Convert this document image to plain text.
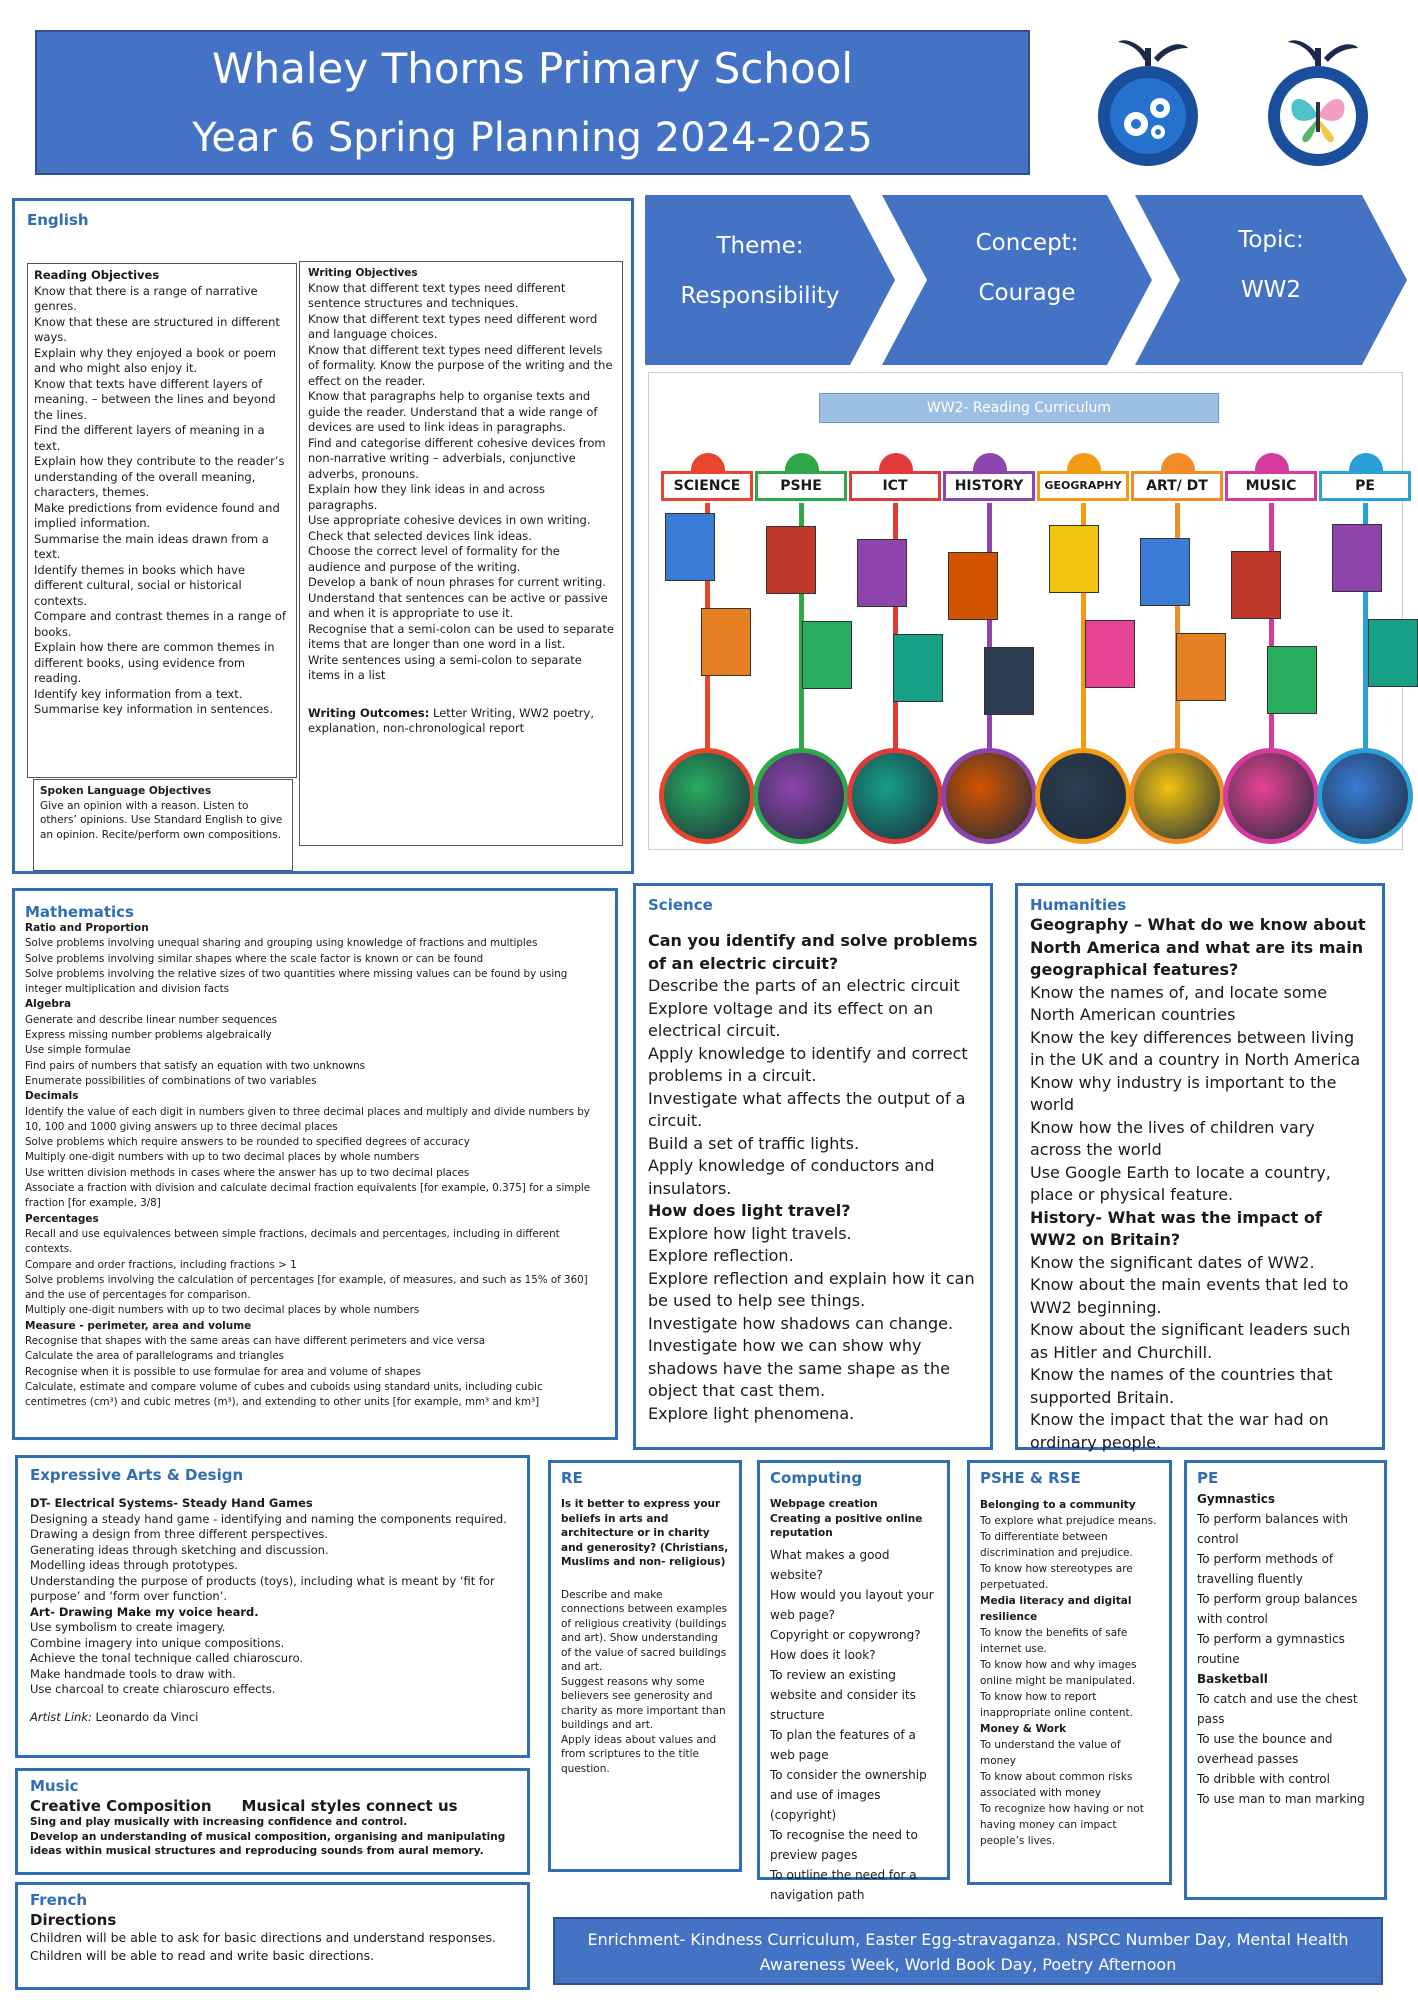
Whaley Thorns Primary School
Year 6 Spring Planning 2024-2025
English
Reading Objectives
Know that there is a range of narrative genres.
Know that these are structured in different ways.
Explain why they enjoyed a book or poem and who might also enjoy it.
Know that texts have different layers of meaning. – between the lines and beyond the lines.
Find the different layers of meaning in a text.
Explain how they contribute to the reader’s understanding of the overall meaning, characters, themes.
Make predictions from evidence found and implied information.
Summarise the main ideas drawn from a text.
Identify themes in books which have different cultural, social or historical contexts.
Compare and contrast themes in a range of books.
Explain how there are common themes in different books, using evidence from reading.
Identify key information from a text.
Summarise key information in sentences.
Spoken Language Objectives
Give an opinion with a reason. Listen to others’ opinions. Use Standard English to give an opinion. Recite/perform own compositions.
Writing Objectives
Know that different text types need different sentence structures and techniques.
Know that different text types need different word and language choices.
Know that different text types need different levels of formality. Know the purpose of the writing and the effect on the reader.
Know that paragraphs help to organise texts and guide the reader. Understand that a wide range of devices are used to link ideas in paragraphs.
Find and categorise different cohesive devices from non-narrative writing – adverbials, conjunctive adverbs, pronouns.
Explain how they link ideas in and across paragraphs.
Use appropriate cohesive devices in own writing. Check that selected devices link ideas.
Choose the correct level of formality for the audience and purpose of the writing.
Develop a bank of noun phrases for current writing.
Understand that sentences can be active or passive and when it is appropriate to use it.
Recognise that a semi-colon can be used to separate items that are longer than one word in a list.
Write sentences using a semi-colon to separate items in a list
Writing Outcomes: Letter Writing, WW2 poetry, explanation, non-chronological report
Theme:
Responsibility
Concept:
Courage
Topic:
WW2
WW2- Reading Curriculum
SCIENCE	PSHE	ICT	HISTORY	GEOGRAPHY	ART/ DT	MUSIC	PE
Mathematics
Ratio and Proportion
Solve problems involving unequal sharing and grouping using knowledge of fractions and multiples
Solve problems involving similar shapes where the scale factor is known or can be found
Solve problems involving the relative sizes of two quantities where missing values can be found by using integer multiplication and division facts
Algebra
Generate and describe linear number sequences
Express missing number problems algebraically
Use simple formulae
Find pairs of numbers that satisfy an equation with two unknowns
Enumerate possibilities of combinations of two variables
Decimals
Identify the value of each digit in numbers given to three decimal places and multiply and divide numbers by 10, 100 and 1000 giving answers up to three decimal places
Solve problems which require answers to be rounded to specified degrees of accuracy
Multiply one-digit numbers with up to two decimal places by whole numbers
Use written division methods in cases where the answer has up to two decimal places
Associate a fraction with division and calculate decimal fraction equivalents [for example, 0.375] for a simple fraction [for example, 3/8]
Percentages
Recall and use equivalences between simple fractions, decimals and percentages, including in different contexts.
Compare and order fractions, including fractions > 1
Solve problems involving the calculation of percentages [for example, of measures, and such as 15% of 360] and the use of percentages for comparison.
Multiply one-digit numbers with up to two decimal places by whole numbers
Measure - perimeter, area and volume
Recognise that shapes with the same areas can have different perimeters and vice versa
Calculate the area of parallelograms and triangles
Recognise when it is possible to use formulae for area and volume of shapes
Calculate, estimate and compare volume of cubes and cuboids using standard units, including cubic centimetres (cm³) and cubic metres (m³), and extending to other units [for example, mm³ and km³]
Science
Can you identify and solve problems of an electric circuit?
Describe the parts of an electric circuit
Explore voltage and its effect on an electrical circuit.
Apply knowledge to identify and correct problems in a circuit.
Investigate what affects the output of a circuit.
Build a set of traffic lights.
Apply knowledge of conductors and insulators.
How does light travel?
Explore how light travels.
Explore reflection.
Explore reflection and explain how it can be used to help see things.
Investigate how shadows can change.
Investigate how we can show why shadows have the same shape as the object that cast them.
Explore light phenomena.
Humanities
Geography – What do we know about North America and what are its main geographical features?
Know the names of, and locate some North American countries
Know the key differences between living in the UK and a country in North America
Know why industry is important to the world
Know how the lives of children vary across the world
Use Google Earth to locate a country, place or physical feature.
History- What was the impact of WW2 on Britain?
Know the significant dates of WW2.
Know about the main events that led to WW2 beginning.
Know about the significant leaders such as Hitler and Churchill.
Know the names of the countries that supported Britain.
Know the impact that the war had on ordinary people.
Expressive Arts & Design
DT- Electrical Systems- Steady Hand Games
Designing a steady hand game - identifying and naming the components required.
Drawing a design from three different perspectives.
Generating ideas through sketching and discussion.
Modelling ideas through prototypes.
Understanding the purpose of products (toys), including what is meant by ‘fit for purpose’ and ‘form over function’.
Art- Drawing Make my voice heard.
Use symbolism to create imagery.
Combine imagery into unique compositions.
Achieve the tonal technique called chiaroscuro.
Make handmade tools to draw with.
Use charcoal to create chiaroscuro effects.
Artist Link: Leonardo da Vinci
Music
Creative Composition Musical styles connect us
Sing and play musically with increasing confidence and control.
Develop an understanding of musical composition, organising and manipulating ideas within musical structures and reproducing sounds from aural memory.
French
Directions
Children will be able to ask for basic directions and understand responses.
Children will be able to read and write basic directions.
RE
Is it better to express your beliefs in arts and architecture or in charity and generosity? (Christians, Muslims and non- religious)
Describe and make connections between examples of religious creativity (buildings and art). Show understanding of the value of sacred buildings and art.
Suggest reasons why some believers see generosity and charity as more important than buildings and art.
Apply ideas about values and from scriptures to the title question.
Computing
Webpage creation
Creating a positive online reputation
What makes a good website?
How would you layout your web page?
Copyright or copywrong?
How does it look?
To review an existing website and consider its structure
To plan the features of a web page
To consider the ownership and use of images (copyright)
To recognise the need to preview pages
To outline the need for a navigation path
PSHE & RSE
Belonging to a community
To explore what prejudice means.
To differentiate between discrimination and prejudice.
To know how stereotypes are perpetuated.
Media literacy and digital resilience
To know the benefits of safe internet use.
To know how and why images online might be manipulated.
To know how to report inappropriate online content.
Money & Work
To understand the value of money
To know about common risks associated with money
To recognize how having or not having money can impact people’s lives.
PE
Gymnastics
To perform balances with control
To perform methods of travelling fluently
To perform group balances with control
To perform a gymnastics routine
Basketball
To catch and use the chest pass
To use the bounce and overhead passes
To dribble with control
To use man to man marking
Enrichment- Kindness Curriculum, Easter Egg-stravaganza. NSPCC Number Day, Mental Health Awareness Week, World Book Day, Poetry Afternoon
